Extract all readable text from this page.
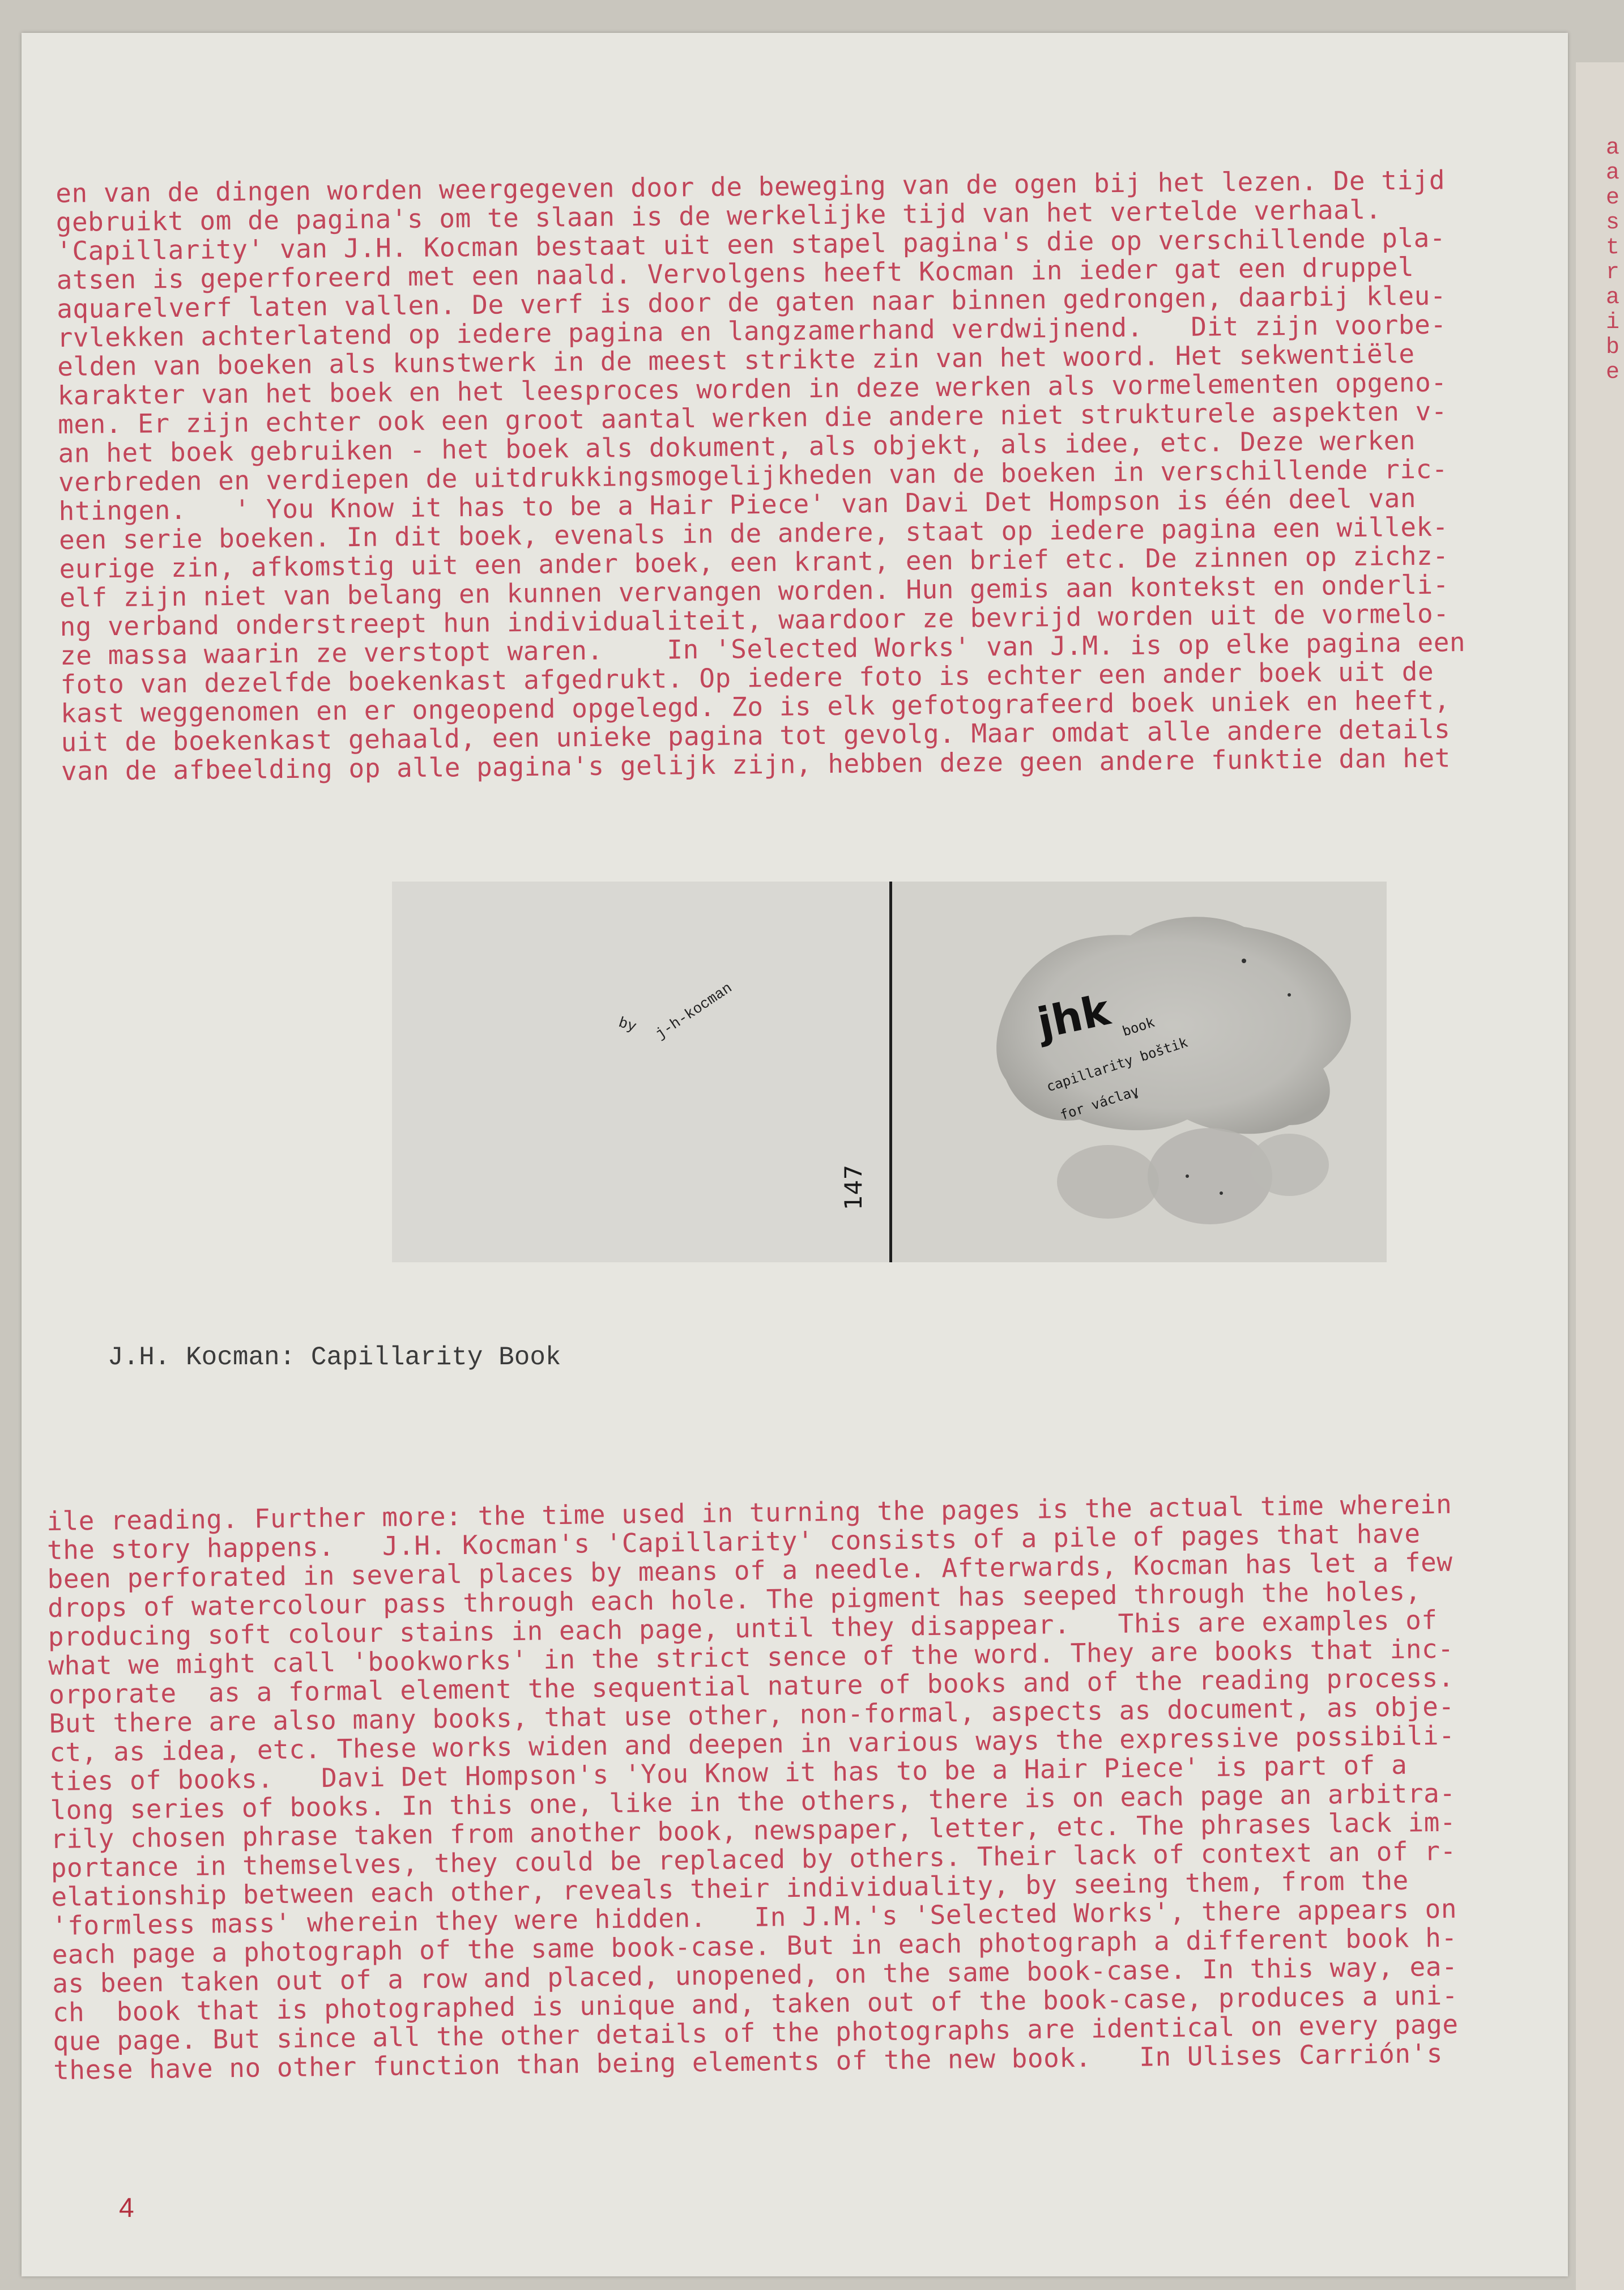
aaestraibe
en van de dingen worden weergegeven door de beweging van de ogen bij het lezen. De tijd
gebruikt om de pagina's om te slaan is de werkelijke tijd van het vertelde verhaal.
'Capillarity' van J.H. Kocman bestaat uit een stapel pagina's die op verschillende pla-
atsen is geperforeerd met een naald. Vervolgens heeft Kocman in ieder gat een druppel
aquarelverf laten vallen. De verf is door de gaten naar binnen gedrongen, daarbij kleu-
rvlekken achterlatend op iedere pagina en langzamerhand verdwijnend.   Dit zijn voorbe-
elden van boeken als kunstwerk in de meest strikte zin van het woord. Het sekwentiële
karakter van het boek en het leesproces worden in deze werken als vormelementen opgeno-
men. Er zijn echter ook een groot aantal werken die andere niet strukturele aspekten v-
an het boek gebruiken - het boek als dokument, als objekt, als idee, etc. Deze werken
verbreden en verdiepen de uitdrukkingsmogelijkheden van de boeken in verschillende ric-
htingen.   ' You Know it has to be a Hair Piece' van Davi Det Hompson is één deel van
een serie boeken. In dit boek, evenals in de andere, staat op iedere pagina een willek-
eurige zin, afkomstig uit een ander boek, een krant, een brief etc. De zinnen op zichz-
elf zijn niet van belang en kunnen vervangen worden. Hun gemis aan kontekst en onderli-
ng verband onderstreept hun individualiteit, waardoor ze bevrijd worden uit de vormelo-
ze massa waarin ze verstopt waren.    In 'Selected Works' van J.M. is op elke pagina een
foto van dezelfde boekenkast afgedrukt. Op iedere foto is echter een ander boek uit de
kast weggenomen en er ongeopend opgelegd. Zo is elk gefotografeerd boek uniek en heeft,
uit de boekenkast gehaald, een unieke pagina tot gevolg. Maar omdat alle andere details
van de afbeelding op alle pagina's gelijk zijn, hebben deze geen andere funktie dan het
by j-h-kocman
147
jhk book
capillarity boštik
for václav
J.H. Kocman: Capillarity Book
ile reading. Further more: the time used in turning the pages is the actual time wherein
the story happens.   J.H. Kocman's 'Capillarity' consists of a pile of pages that have
been perforated in several places by means of a needle. Afterwards, Kocman has let a few
drops of watercolour pass through each hole. The pigment has seeped through the holes,
producing soft colour stains in each page, until they disappear.   This are examples of
what we might call 'bookworks' in the strict sence of the word. They are books that inc-
orporate  as a formal element the sequential nature of books and of the reading process.
But there are also many books, that use other, non-formal, aspects as document, as obje-
ct, as idea, etc. These works widen and deepen in various ways the expressive possibili-
ties of books.   Davi Det Hompson's 'You Know it has to be a Hair Piece' is part of a
long series of books. In this one, like in the others, there is on each page an arbitra-
rily chosen phrase taken from another book, newspaper, letter, etc. The phrases lack im-
portance in themselves, they could be replaced by others. Their lack of context an of r-
elationship between each other, reveals their individuality, by seeing them, from the
'formless mass' wherein they were hidden.   In J.M.'s 'Selected Works', there appears on
each page a photograph of the same book-case. But in each photograph a different book h-
as been taken out of a row and placed, unopened, on the same book-case. In this way, ea-
ch  book that is photographed is unique and, taken out of the book-case, produces a uni-
que page. But since all the other details of the photographs are identical on every page
these have no other function than being elements of the new book.   In Ulises Carrión's
4
